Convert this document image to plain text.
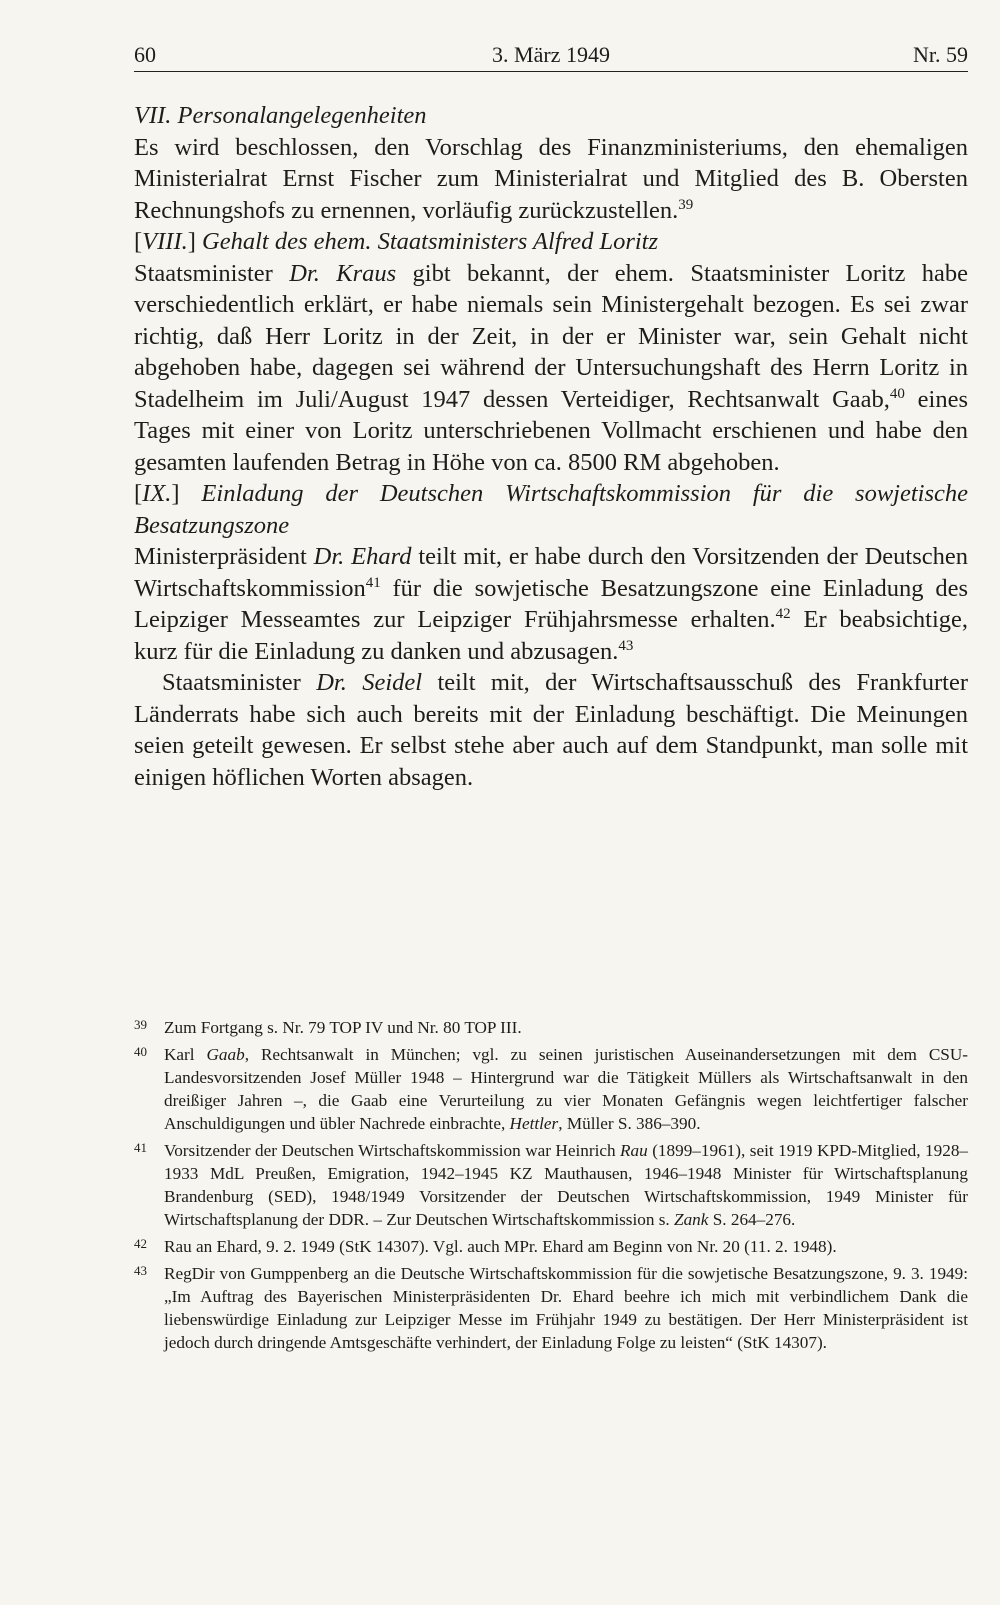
60	3. März 1949	Nr. 59

VII. Personalangelegenheiten

Es wird beschlossen, den Vorschlag des Finanzministeriums, den ehemaligen Ministerialrat Ernst Fischer zum Ministerialrat und Mitglied des B. Obersten Rechnungshofs zu ernennen, vorläufig zurückzustellen.$^{39}$

[VIII.] Gehalt des ehem. Staatsministers Alfred Loritz

Staatsminister Dr. Kraus gibt bekannt, der ehem. Staatsminister Loritz habe verschiedentlich erklärt, er habe niemals sein Ministergehalt bezogen. Es sei zwar richtig, daß Herr Loritz in der Zeit, in der er Minister war, sein Gehalt nicht abgehoben habe, dagegen sei während der Untersuchungshaft des Herrn Loritz in Stadelheim im Juli/August 1947 dessen Verteidiger, Rechtsanwalt Gaab,$^{40}$ eines Tages mit einer von Loritz unterschriebenen Vollmacht erschienen und habe den gesamten laufenden Betrag in Höhe von ca. 8500 RM abgehoben.

[IX.] Einladung der Deutschen Wirtschaftskommission für die sowjetische Besatzungszone

Ministerpräsident Dr. Ehard teilt mit, er habe durch den Vorsitzenden der Deutschen Wirtschaftskommission$^{41}$ für die sowjetische Besatzungszone eine Einladung des Leipziger Messeamtes zur Leipziger Frühjahrsmesse erhalten.$^{42}$ Er beabsichtige, kurz für die Einladung zu danken und abzusagen.$^{43}$

Staatsminister Dr. Seidel teilt mit, der Wirtschaftsausschuß des Frankfurter Länderrats habe sich auch bereits mit der Einladung beschäftigt. Die Meinungen seien geteilt gewesen. Er selbst stehe aber auch auf dem Standpunkt, man solle mit einigen höflichen Worten absagen.

39 Zum Fortgang s. Nr. 79 TOP IV und Nr. 80 TOP III.

40 Karl Gaab, Rechtsanwalt in München; vgl. zu seinen juristischen Auseinandersetzungen mit dem CSU-Landesvorsitzenden Josef Müller 1948 – Hintergrund war die Tätigkeit Müllers als Wirtschaftsanwalt in den dreißiger Jahren –, die Gaab eine Verurteilung zu vier Monaten Gefängnis wegen leichtfertiger falscher Anschuldigungen und übler Nachrede einbrachte, Hettler, Müller S. 386–390.

41 Vorsitzender der Deutschen Wirtschaftskommission war Heinrich Rau (1899–1961), seit 1919 KPD-Mitglied, 1928–1933 MdL Preußen, Emigration, 1942–1945 KZ Mauthausen, 1946–1948 Minister für Wirtschaftsplanung Brandenburg (SED), 1948/1949 Vorsitzender der Deutschen Wirtschaftskommission, 1949 Minister für Wirtschaftsplanung der DDR. – Zur Deutschen Wirtschaftskommission s. Zank S. 264–276.

42 Rau an Ehard, 9. 2. 1949 (StK 14307). Vgl. auch MPr. Ehard am Beginn von Nr. 20 (11. 2. 1948).

43 RegDir von Gumppenberg an die Deutsche Wirtschaftskommission für die sowjetische Besatzungszone, 9. 3. 1949: „Im Auftrag des Bayerischen Ministerpräsidenten Dr. Ehard beehre ich mich mit verbindlichem Dank die liebenswürdige Einladung zur Leipziger Messe im Frühjahr 1949 zu bestätigen. Der Herr Ministerpräsident ist jedoch durch dringende Amtsgeschäfte verhindert, der Einladung Folge zu leisten“ (StK 14307).
